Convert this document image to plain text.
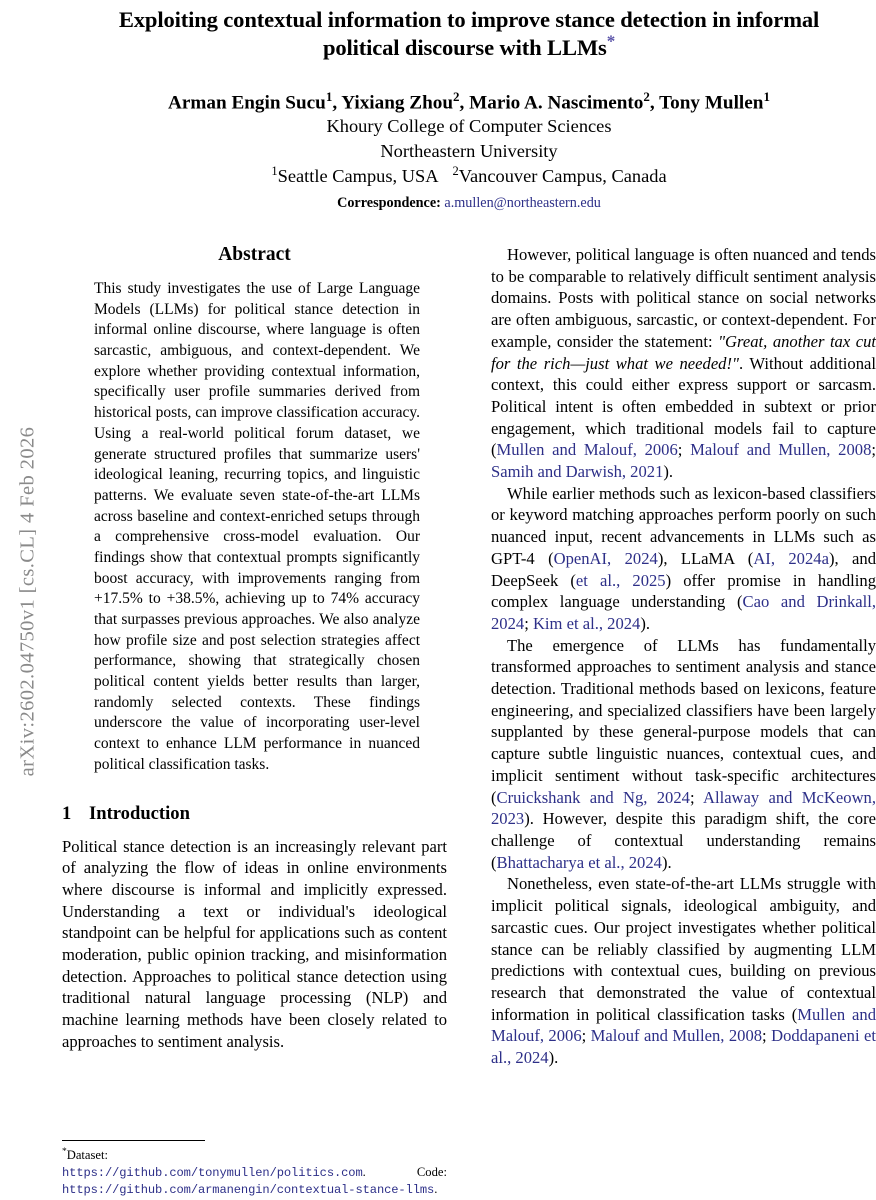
arXiv:2602.04750v1 [cs.CL] 4 Feb 2026
Exploiting contextual information to improve stance detection in informal
political discourse with LLMs*
Arman Engin Sucu$^1$, Yixiang Zhou$^2$, Mario A. Nascimento$^2$, Tony Mullen$^1$
Khoury College of Computer Sciences
Northeastern University
$^1$Seattle Campus, USA $^2$Vancouver Campus, Canada
Correspondence: a.mullen@northeastern.edu
Abstract

This study investigates the use of Large Language Models (LLMs) for political stance detection in informal online discourse, where language is often sarcastic, ambiguous, and context-dependent. We explore whether providing contextual information, specifically user profile summaries derived from historical posts, can improve classification accuracy. Using a real-world political forum dataset, we generate structured profiles that summarize users' ideological leaning, recurring topics, and linguistic patterns. We evaluate seven state-of-the-art LLMs across baseline and context-enriched setups through a comprehensive cross-model evaluation. Our findings show that contextual prompts significantly boost accuracy, with improvements ranging from +17.5% to +38.5%, achieving up to 74% accuracy that surpasses previous approaches. We also analyze how profile size and post selection strategies affect performance, showing that strategically chosen political content yields better results than larger, randomly selected contexts. These findings underscore the value of incorporating user-level context to enhance LLM performance in nuanced political classification tasks.

1 Introduction

Political stance detection is an increasingly relevant part of analyzing the flow of ideas in online environments where discourse is informal and implicitly expressed. Understanding a text or individual's ideological standpoint can be helpful for applications such as content moderation, public opinion tracking, and misinformation detection. Approaches to political stance detection using traditional natural language processing (NLP) and machine learning methods have been closely related to approaches to sentiment analysis.

*Dataset:https://github.com/tonymullen/politics.com. Code: https://github.com/armanengin/contextual-stance-llms.

However, political language is often nuanced and tends to be comparable to relatively difficult sentiment analysis domains. Posts with political stance on social networks are often ambiguous, sarcastic, or context-dependent. For example, consider the statement: "Great, another tax cut for the rich—just what we needed!". Without additional context, this could either express support or sarcasm. Political intent is often embedded in subtext or prior engagement, which traditional models fail to capture (Mullen and Malouf, 2006; Malouf and Mullen, 2008; Samih and Darwish, 2021).

While earlier methods such as lexicon-based classifiers or keyword matching approaches perform poorly on such nuanced input, recent advancements in LLMs such as GPT-4 (OpenAI, 2024), LLaMA (AI, 2024a), and DeepSeek (et al., 2025) offer promise in handling complex language understanding (Cao and Drinkall, 2024; Kim et al., 2024).

The emergence of LLMs has fundamentally transformed approaches to sentiment analysis and stance detection. Traditional methods based on lexicons, feature engineering, and specialized classifiers have been largely supplanted by these general-purpose models that can capture subtle linguistic nuances, contextual cues, and implicit sentiment without task-specific architectures (Cruickshank and Ng, 2024; Allaway and McKeown, 2023). However, despite this paradigm shift, the core challenge of contextual understanding remains (Bhattacharya et al., 2024).

Nonetheless, even state-of-the-art LLMs struggle with implicit political signals, ideological ambiguity, and sarcastic cues. Our project investigates whether political stance can be reliably classified by augmenting LLM predictions with contextual cues, building on previous research that demonstrated the value of contextual information in political classification tasks (Mullen and Malouf, 2006; Malouf and Mullen, 2008; Doddapaneni et al., 2024).
